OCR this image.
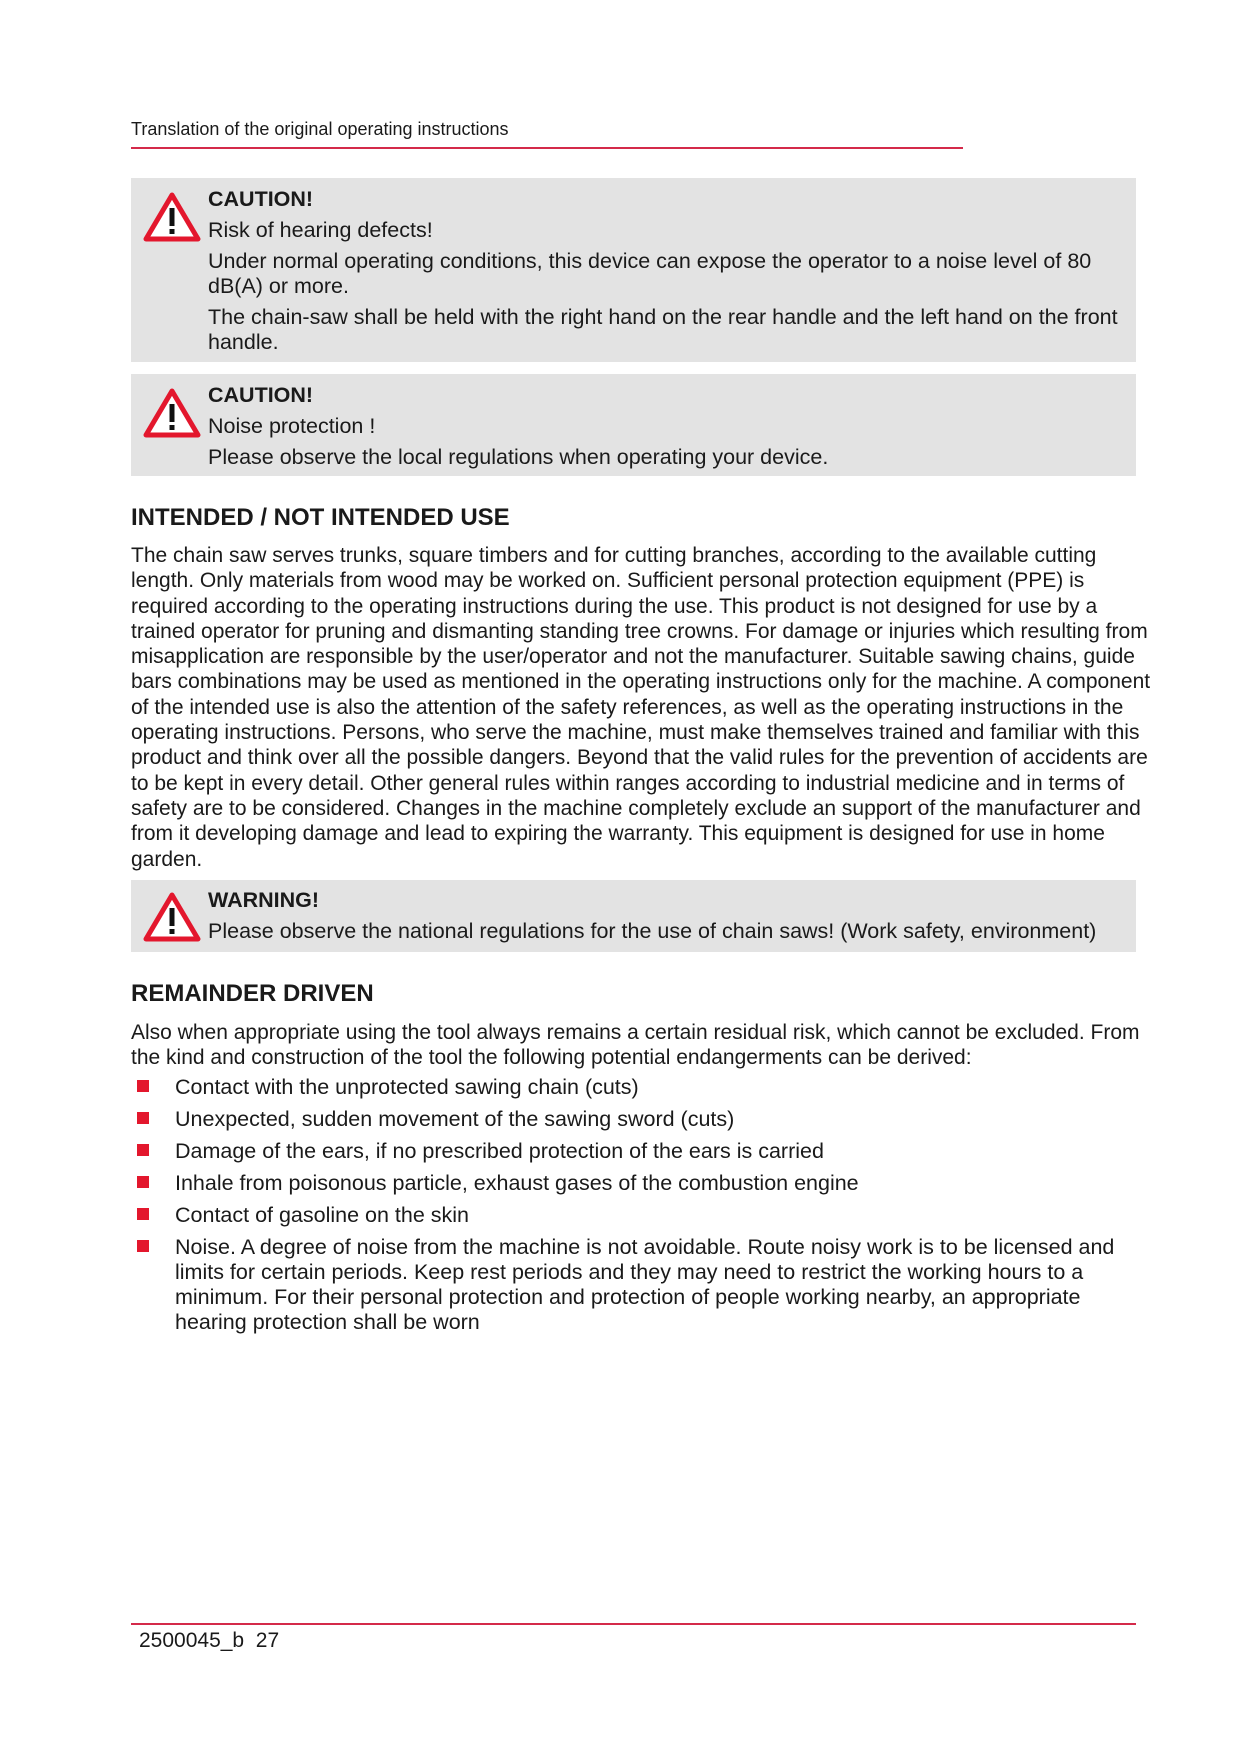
Translation of the original operating instructions
CAUTION!

Risk of hearing defects!

Under normal operating conditions, this device can expose the operator to a noise level of 80 dB(A) or more.

The chain-saw shall be held with the right hand on the rear handle and the left hand on the front handle.

CAUTION!

Noise protection !

Please observe the local regulations when operating your device.

INTENDED / NOT INTENDED USE

The chain saw serves trunks, square timbers and for cutting branches, according to the available cutting length. Only materials from wood may be worked on. Sufficient personal protection equipment (PPE) is required according to the operating instructions during the use. This product is not designed for use by a trained operator for pruning and dismanting standing tree crowns. For damage or injuries which resulting from misapplication are responsible by the user/operator and not the manufacturer. Suitable sawing chains, guide bars combinations may be used as mentioned in the operating instructions only for the machine. A component of the intended use is also the attention of the safety references, as well as the operating instructions in the operating instructions. Persons, who serve the machine, must make themselves trained and familiar with this product and think over all the possible dangers. Beyond that the valid rules for the prevention of accidents are to be kept in every detail. Other general rules within ranges according to industrial medicine and in terms of safety are to be considered. Changes in the machine completely exclude an support of the manufacturer and from it developing damage and lead to expiring the warranty. This equipment is designed for use in home garden.

WARNING!

Please observe the national regulations for the use of chain saws! (Work safety, environment)

REMAINDER DRIVEN

Also when appropriate using the tool always remains a certain residual risk, which cannot be excluded. From the kind and construction of the tool the following potential endangerments can be derived:

Contact with the unprotected sawing chain (cuts)
Unexpected, sudden movement of the sawing sword (cuts)
Damage of the ears, if no prescribed protection of the ears is carried
Inhale from poisonous particle, exhaust gases of the combustion engine
Contact of gasoline on the skin
Noise. A degree of noise from the machine is not avoidable. Route noisy work is to be licensed and limits for certain periods. Keep rest periods and they may need to restrict the working hours to a minimum. For their personal protection and protection of people working nearby, an appropriate hearing protection shall be worn
2500045_b 27
